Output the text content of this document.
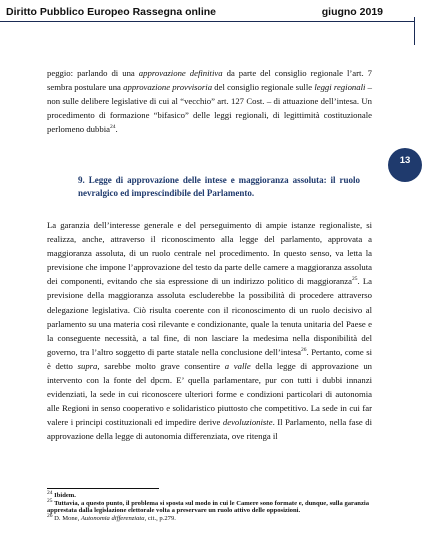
Diritto Pubblico Europeo Rassegna online	giugno 2019
13

peggio: parlando di una approvazione definitiva da parte del consiglio regionale l’art. 7 sembra postulare una approvazione provvisoria del consiglio regionale sulle leggi regionali – non sulle delibere legislative di cui al “vecchio” art. 127 Cost. – di attuazione dell’intesa. Un procedimento di formazione “bifasico” delle leggi regionali, di legittimità costituzionale perlomeno dubbia$^{24}$.

9. Legge di approvazione delle intese e maggioranza assoluta: il ruolo nevralgico ed imprescindibile del Parlamento.

La garanzia dell’interesse generale e del perseguimento di ampie istanze regionaliste, si realizza, anche, attraverso il riconoscimento alla legge del parlamento, approvata a maggioranza assoluta, di un ruolo centrale nel procedimento. In questo senso, va letta la previsione che impone l’approvazione del testo da parte delle camere a maggioranza assoluta dei componenti, evitando che sia espressione di un indirizzo politico di maggioranza$^{25}$. La previsione della maggioranza assoluta escluderebbe la possibilità di procedere attraverso delegazione legislativa. Ciò risulta coerente con il riconoscimento di un ruolo decisivo al parlamento su una materia così rilevante e condizionante, quale la tenuta unitaria del Paese e la conseguente necessità, a tal fine, di non lasciare la medesima nella disponibilità del governo, tra l’altro soggetto di parte statale nella conclusione dell’intesa$^{26}$. Pertanto, come si è detto supra, sarebbe molto grave consentire a valle della legge di approvazione un intervento con la fonte del dpcm. E’ quella parlamentare, pur con tutti i dubbi innanzi evidenziati, la sede in cui riconoscere ulteriori forme e condizioni particolari di autonomia alle Regioni in senso cooperativo e solidaristico piuttosto che competitivo. La sede in cui far valere i principi costituzionali ed impedire derive devoluzioniste. Il Parlamento, nella fase di approvazione della legge di autonomia differenziata, ove ritenga il

$^{24}$ Ibidem.
$^{25}$ Tuttavia, a questo punto, il problema si sposta sul modo in cui le Camere sono formate e, dunque, sulla garanzia apprestata dalla legislazione elettorale volta a preservare un ruolo attivo delle opposizioni.
$^{26}$ D. Mone, Autonomia differenziata, cit., p.279.
